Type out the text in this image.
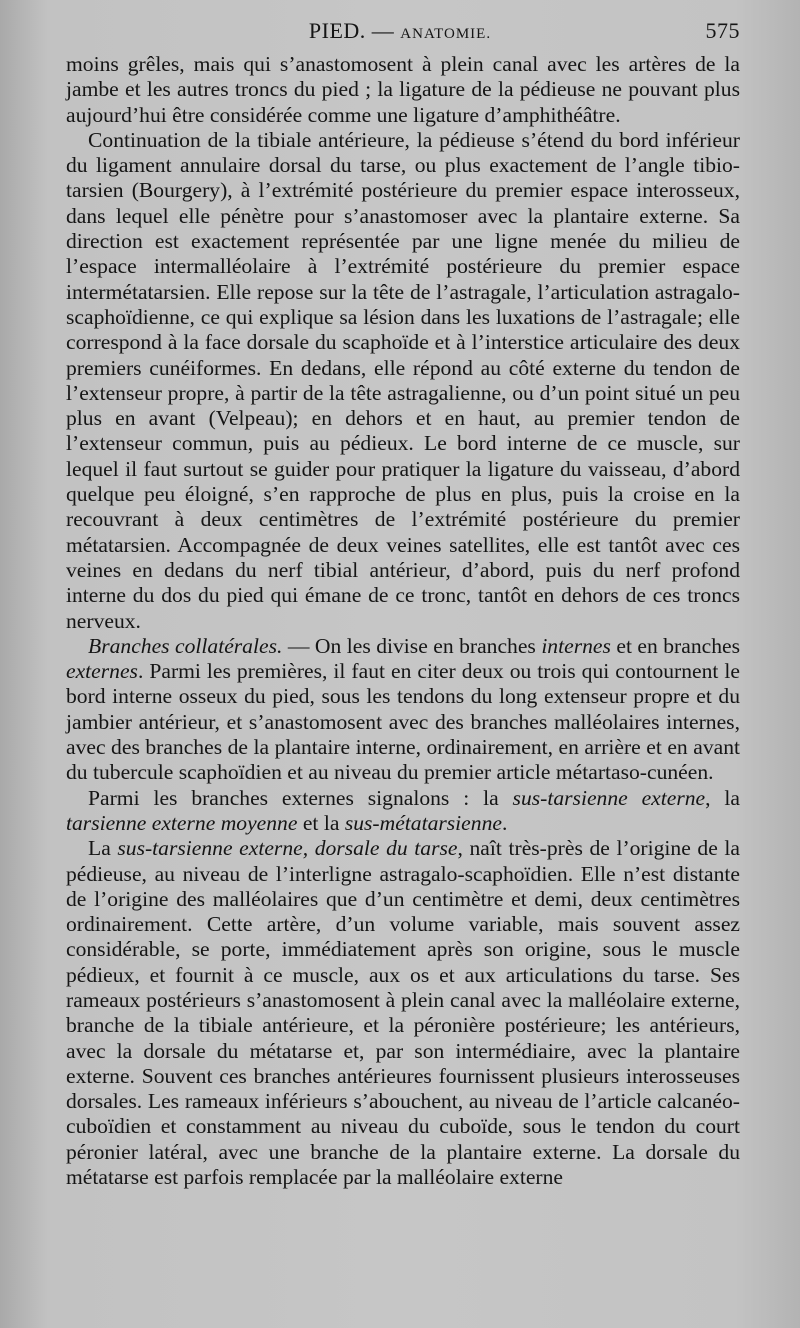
PIED. — ANATOMIE.	575

moins grêles, mais qui s’anastomosent à plein canal avec les artères de la jambe et les autres troncs du pied ; la ligature de la pédieuse ne pouvant plus aujourd’hui être considérée comme une ligature d’amphithéâtre.

Continuation de la tibiale antérieure, la pédieuse s’étend du bord inférieur du ligament annulaire dorsal du tarse, ou plus exactement de l’angle tibio-tarsien (Bourgery), à l’extrémité postérieure du premier espace interosseux, dans lequel elle pénètre pour s’anastomoser avec la plantaire externe. Sa direction est exactement représentée par une ligne menée du milieu de l’espace intermalléolaire à l’extrémité postérieure du premier espace intermétatarsien. Elle repose sur la tête de l’astragale, l’articulation astragalo-scaphoïdienne, ce qui explique sa lésion dans les luxations de l’astragale; elle correspond à la face dorsale du scaphoïde et à l’interstice articulaire des deux premiers cunéiformes. En dedans, elle répond au côté externe du tendon de l’extenseur propre, à partir de la tête astragalienne, ou d’un point situé un peu plus en avant (Velpeau); en dehors et en haut, au premier tendon de l’extenseur commun, puis au pédieux. Le bord interne de ce muscle, sur lequel il faut surtout se guider pour pratiquer la ligature du vaisseau, d’abord quelque peu éloigné, s’en rapproche de plus en plus, puis la croise en la recouvrant à deux centimètres de l’extrémité postérieure du premier métatarsien. Accompagnée de deux veines satellites, elle est tantôt avec ces veines en dedans du nerf tibial antérieur, d’abord, puis du nerf profond interne du dos du pied qui émane de ce tronc, tantôt en dehors de ces troncs nerveux.

Branches collatérales. — On les divise en branches internes et en branches externes. Parmi les premières, il faut en citer deux ou trois qui contournent le bord interne osseux du pied, sous les tendons du long extenseur propre et du jambier antérieur, et s’anastomosent avec des branches malléolaires internes, avec des branches de la plantaire interne, ordinairement, en arrière et en avant du tubercule scaphoïdien et au niveau du premier article métartaso-cunéen.

Parmi les branches externes signalons : la sus-tarsienne externe, la tarsienne externe moyenne et la sus-métatarsienne.

La sus-tarsienne externe, dorsale du tarse, naît très-près de l’origine de la pédieuse, au niveau de l’interligne astragalo-scaphoïdien. Elle n’est distante de l’origine des malléolaires que d’un centimètre et demi, deux centimètres ordinairement. Cette artère, d’un volume variable, mais souvent assez considérable, se porte, immédiatement après son origine, sous le muscle pédieux, et fournit à ce muscle, aux os et aux articulations du tarse. Ses rameaux postérieurs s’anastomosent à plein canal avec la malléolaire externe, branche de la tibiale antérieure, et la péronière postérieure; les antérieurs, avec la dorsale du métatarse et, par son intermédiaire, avec la plantaire externe. Souvent ces branches antérieures fournissent plusieurs interosseuses dorsales. Les rameaux inférieurs s’abouchent, au niveau de l’article calcanéo-cuboïdien et constamment au niveau du cuboïde, sous le tendon du court péronier latéral, avec une branche de la plantaire externe. La dorsale du métatarse est parfois remplacée par la malléolaire externe
